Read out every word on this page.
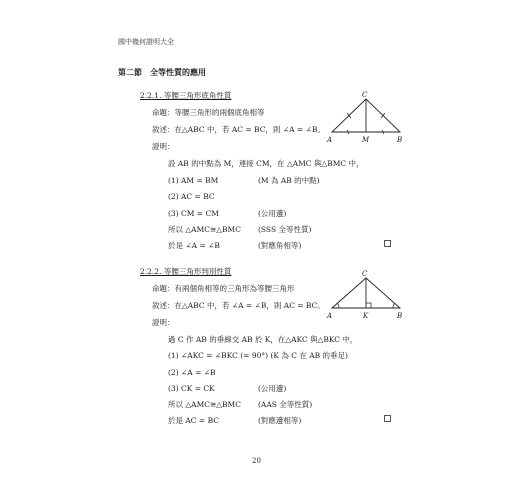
國中幾何證明大全
第二節　全等性質的應用
2.2.1. 等腰三角形底角性質
命題：等腰三角形的兩個底角相等
敘述：在△ABC 中，若 AC = BC，則 ∠A = ∠B。
證明：
設 AB 的中點為 M，連接 CM，在 △AMC 與△BMC 中，
(1) AM = BM	(M 為 AB 的中點)
(2) AC = BC
(3) CM = CM	(公用邊)
所以 △AMC≅△BMC (SSS 全等性質)
於是 ∠A = ∠B	(對應角相等)
C
A	M	B
2.2.2. 等腰三角形判別性質
命題：有兩個角相等的三角形為等腰三角形
敘述：在△ABC 中，若 ∠A = ∠B，則 AC = BC。
證明：
過 C 作 AB 的垂線交 AB 於 K，在△AKC 與△BKC 中，
(1) ∠AKC = ∠BKC (= 90°) (K 為 C 在 AB 的垂足)
(2) ∠A = ∠B
(3) CK = CK	(公用邊)
所以 △AMC≅△BMC (AAS 全等性質)
於是 AC = BC	(對應邊相等)
C
A	K	B
20
